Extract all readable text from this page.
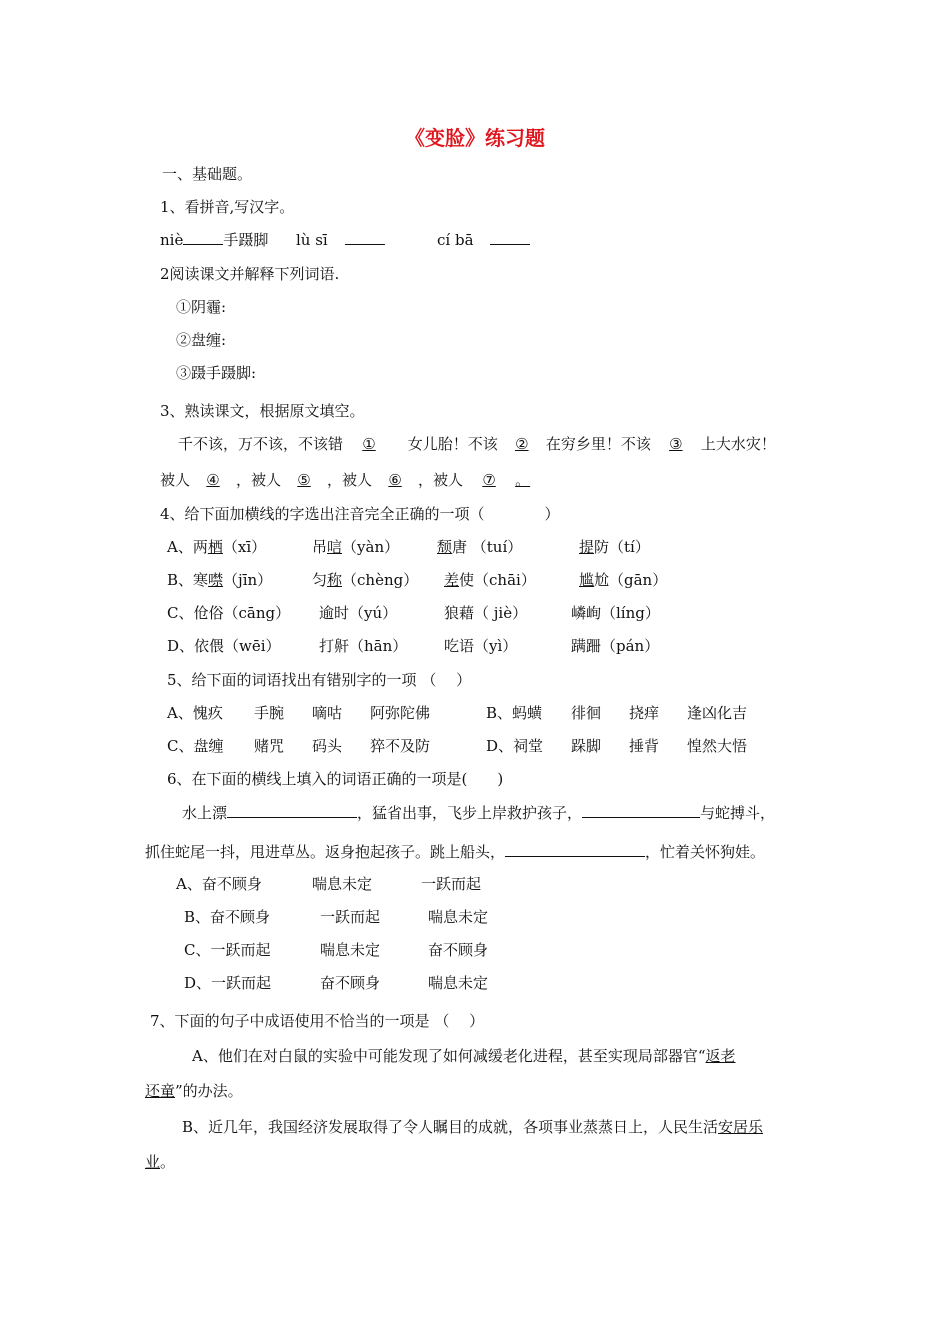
《变脸》练习题
一、基础题。
1、看拼音,写汉字。
niè	手蹑脚 lù sī	cí bā
2阅读课文并解释下列词语.
①阴霾:
②盘缠:
③蹑手蹑脚:
3、熟读课文，根据原文填空。
千不该，万不该，不该错 ① 女儿胎！不该 ② 在穷乡里！不该 ③ 上大水灾！
被人 ④ ，被人 ⑤ ，被人 ⑥ ，被人 ⑦ 。
4、给下面加横线的字选出注音完全正确的一项（　　　　）
A、两栖（xī）	吊唁（yàn）	颓唐 （tuí）	提防（tí）
B、寒噤（jīn）	匀称（chèng） 差使（chāi）	尴尬（gān）
C、伧俗（cāng） 逾时（yú）	狼藉（ jiè）	嶙峋（líng）
D、依偎（wēi）	打鼾（hān） 吃语（yì）	蹒跚（pán）
5、给下面的词语找出有错别字的一项 （　 ）
A、愧疚 手腕 嘀咕 阿弥陀佛	B、蚂蟥 徘徊 挠痒 逢凶化吉
C、盘缠 赌咒 码头 猝不及防	D、祠堂 跺脚 捶背 惶然大悟
6、在下面的横线上填入的词语正确的一项是(　　)
水上漂	，猛省出事，飞步上岸救护孩子，	与蛇搏斗，
抓住蛇尾一抖，甩进草丛。返身抱起孩子。跳上船头，	，忙着关怀狗娃。
A、奋不顾身	喘息未定	一跃而起
B、奋不顾身	一跃而起	喘息未定
C、一跃而起	喘息未定	奋不顾身
D、一跃而起	奋不顾身	喘息未定
7、下面的句子中成语使用不恰当的一项是 （　 ）
A、他们在对白鼠的实验中可能发现了如何减缓老化进程，甚至实现局部器官“返老
还童”的办法。
B、近几年，我国经济发展取得了令人瞩目的成就，各项事业蒸蒸日上，人民生活安居乐
业。
